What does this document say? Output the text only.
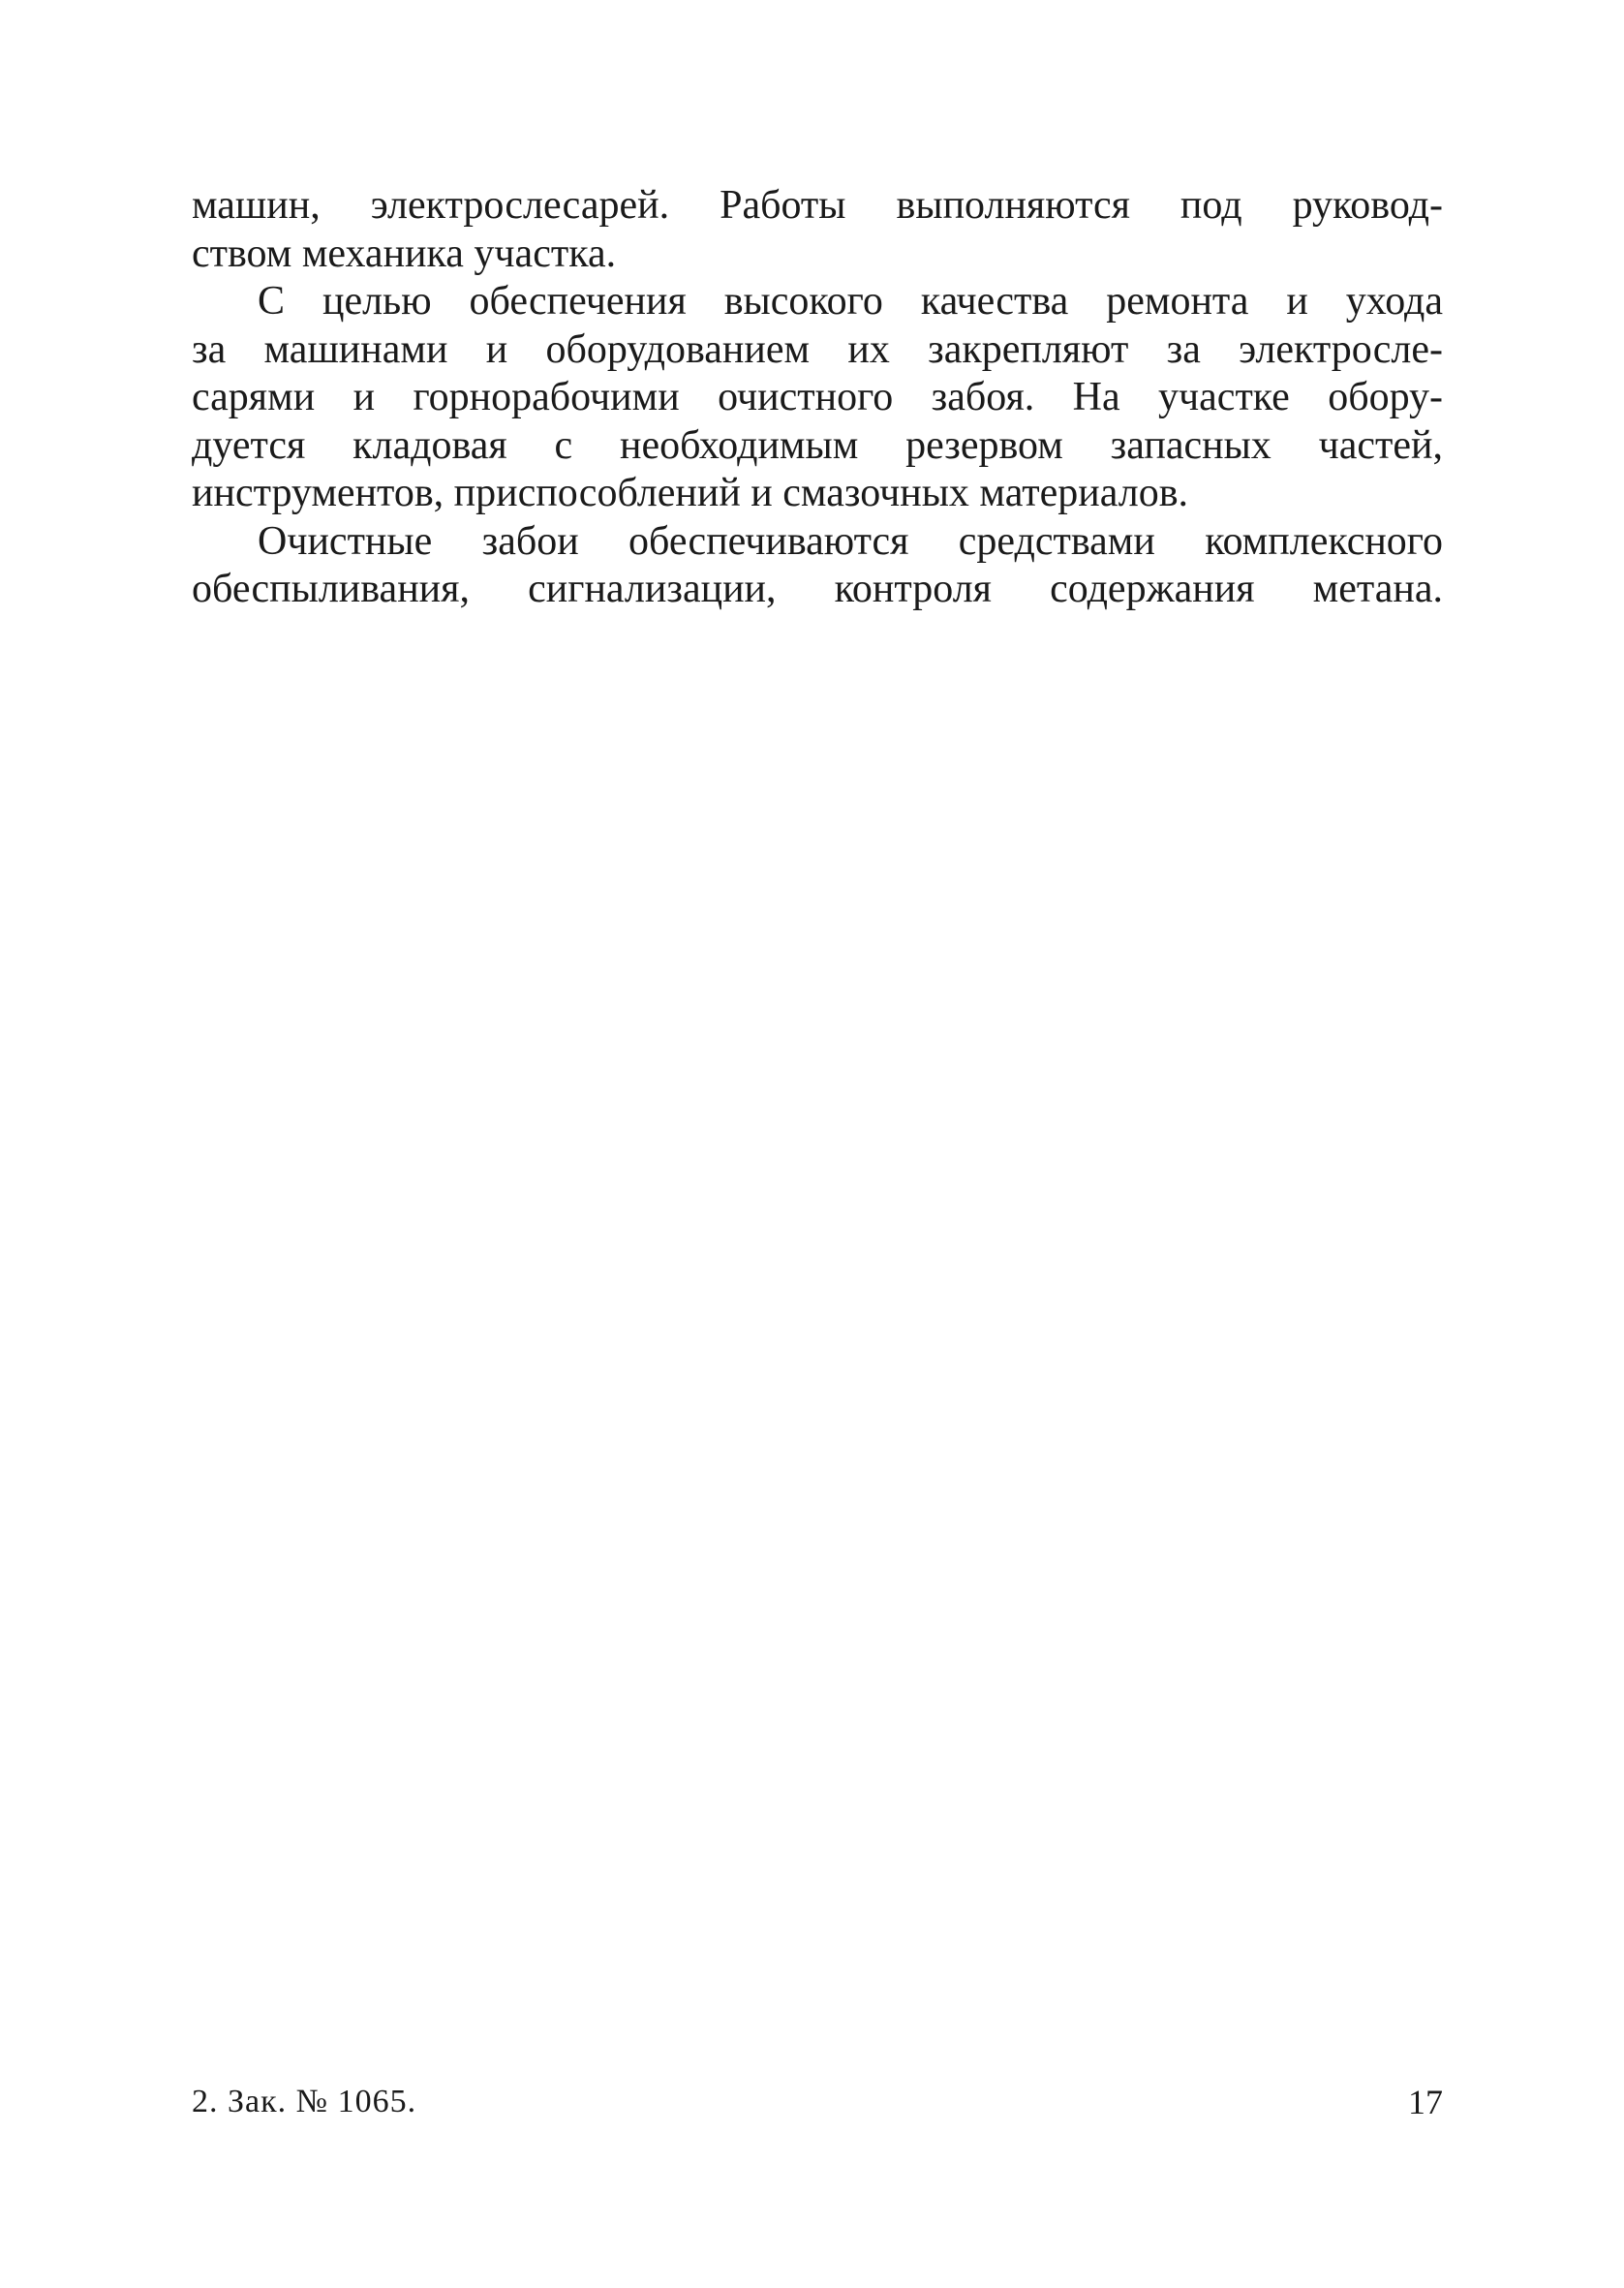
машин, электрослесарей. Работы выполняются под руковод-
ством механика участка.
С целью обеспечения высокого качества ремонта и ухода
за машинами и оборудованием их закрепляют за электросле-
сарями и горнорабочими очистного забоя. На участке обору-
дуется кладовая с необходимым резервом запасных частей,
инструментов, приспособлений и смазочных материалов.
Очистные забои обеспечиваются средствами комплексного
обеспыливания, сигнализации, контроля содержания метана.
2. Зак. № 1065.	17
